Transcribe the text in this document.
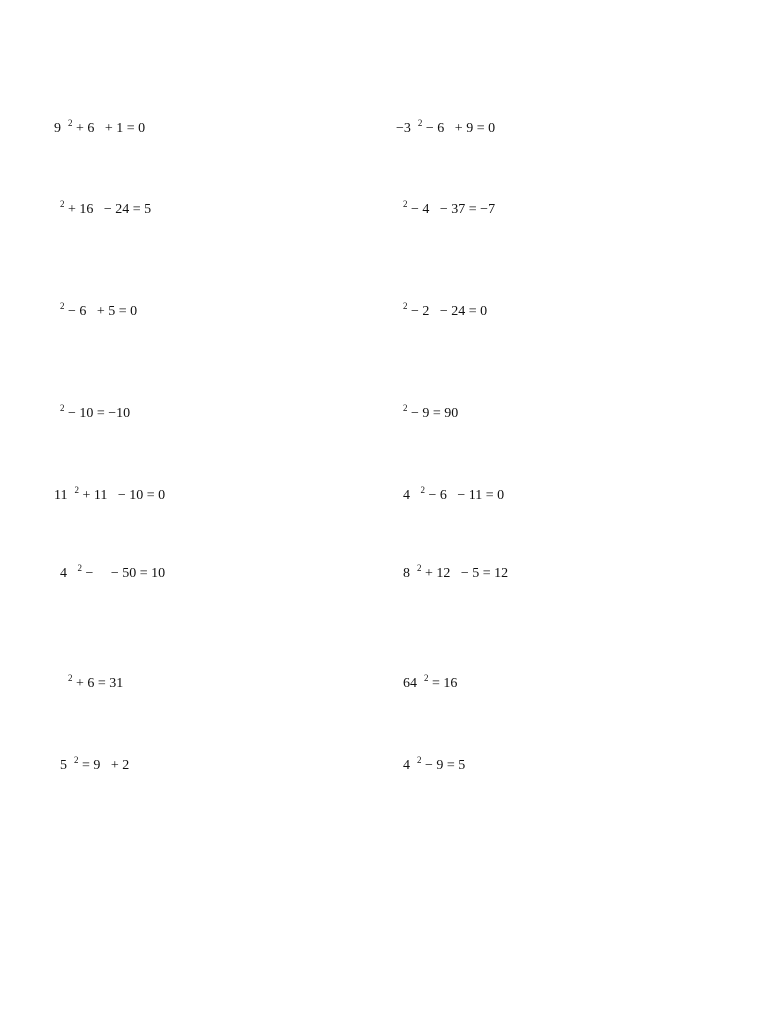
9  $^2$ + 6   + 1 = 0
$^2$ + 16   − 24 = 5
$^2$ − 6   + 5 = 0
$^2$ − 10 = −10
11  $^2$ + 11   − 10 = 0
4   $^2$ −     − 50 = 10
$^2$ + 6 = 31
5  $^2$ = 9   + 2
−3  $^2$ − 6   + 9 = 0
$^2$ − 4   − 37 = −7
$^2$ − 2   − 24 = 0
$^2$ − 9 = 90
4   $^2$ − 6   − 11 = 0
8  $^2$ + 12   − 5 = 12
64  $^2$ = 16
4  $^2$ − 9 = 5
